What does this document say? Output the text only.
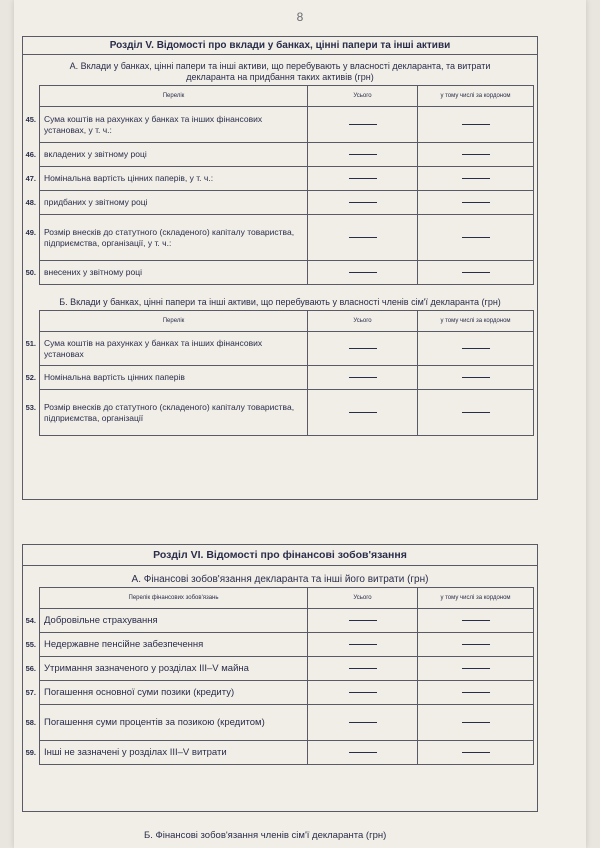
8
Розділ V. Відомості про вклади у банках, цінні папери та інші активи
А. Вклади у банках, цінні папери та інші активи, що перебувають у власності декларанта, та витрати декларанта на придбання таких активів (грн)
Перелік	Усього	у тому числі за кордоном

45. Сума коштів на рахунках у банках та інших фінансових установах, у т. ч.:		

46. вкладених у звітному році		

47. Номінальна вартість цінних паперів, у т. ч.:		

48. придбаних у звітному році		

49. Розмір внесків до статутного (складеного) капіталу товариства, підприємства, організації, у т. ч.:		

50. внесених у звітному році		
Б. Вклади у банках, цінні папери та інші активи, що перебувають у власності членів сім'ї декларанта (грн)
Перелік	Усього	у тому числі за кордоном

51. Сума коштів на рахунках у банках та інших фінансових установах		

52. Номінальна вартість цінних паперів		

53. Розмір внесків до статутного (складеного) капіталу товариства, підприємства, організації		
Розділ VI. Відомості про фінансові зобов'язання
А. Фінансові зобов'язання декларанта та інші його витрати (грн)
Перелік фінансових зобов'язань	Усього	у тому числі за кордоном

54. Добровільне страхування		

55. Недержавне пенсійне забезпечення		

56. Утримання зазначеного у розділах III–V майна		

57. Погашення основної суми позики (кредиту)		

58. Погашення суми процентів за позикою (кредитом)		

59. Інші не зазначені у розділах III–V витрати		
Б. Фінансові зобов'язання членів сім'ї декларанта (грн)
